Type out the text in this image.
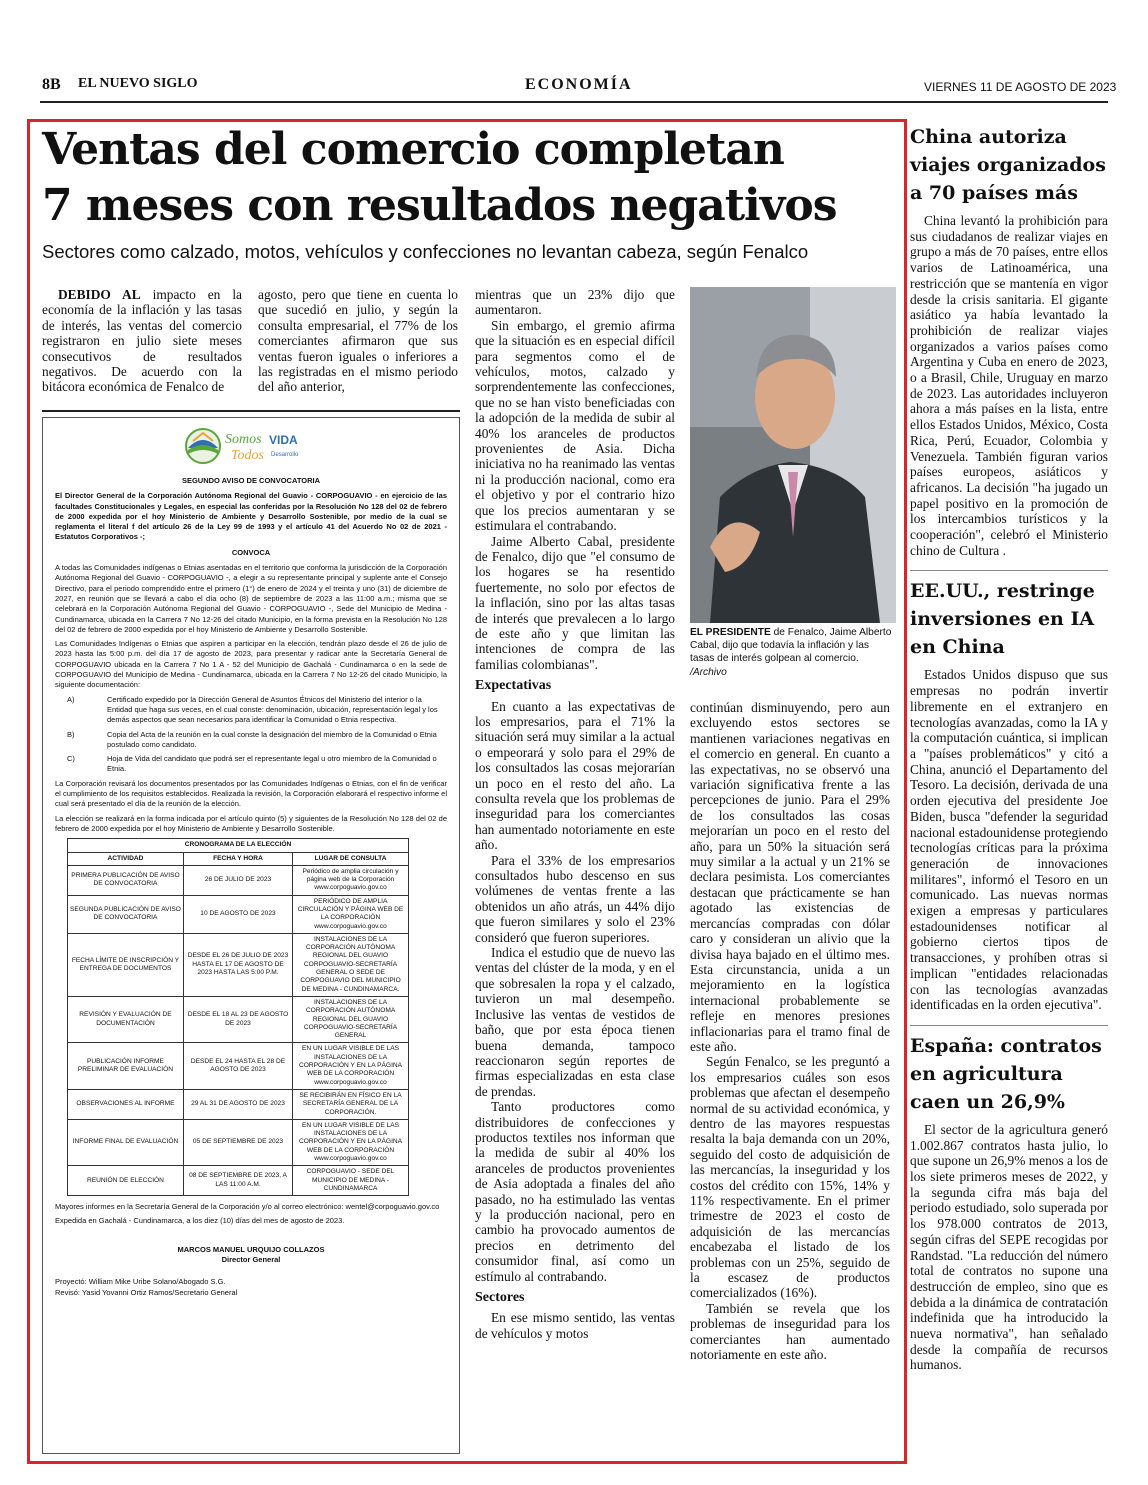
8B EL NUEVO SIGLO	ECONOMÍA	VIERNES 11 DE AGOSTO DE 2023
Ventas del comercio completan
7 meses con resultados negativos
Sectores como calzado, motos, vehículos y confecciones no levantan cabeza, según Fenalco

DEBIDO AL impacto en la economía de la inflación y las tasas de interés, las ventas del comercio registraron en julio siete meses consecutivos de resultados negativos. De acuerdo con la bitácora económica de Fenalco de

agosto, pero que tiene en cuenta lo que sucedió en julio, y según la consulta empresarial, el 77% de los comerciantes afirmaron que sus ventas fueron iguales o inferiores a las registradas en el mismo periodo del año anterior,

Somos
Todos
VIDA
Desarrollo
SEGUNDO AVISO DE CONVOCATORIA

El Director General de la Corporación Autónoma Regional del Guavio - CORPOGUAVIO - en ejercicio de las facultades Constitucionales y Legales, en especial las conferidas por la Resolución No 128 del 02 de febrero de 2000 expedida por el hoy Ministerio de Ambiente y Desarrollo Sostenible, por medio de la cual se reglamenta el literal f del artículo 26 de la Ley 99 de 1993 y el artículo 41 del Acuerdo No 02 de 2021 - Estatutos Corporativos -;

CONVOCA

A todas las Comunidades indígenas o Etnias asentadas en el territorio que conforma la jurisdicción de la Corporación Autónoma Regional del Guavio - CORPOGUAVIO -, a elegir a su representante principal y suplente ante el Consejo Directivo, para el periodo comprendido entre el primero (1°) de enero de 2024 y el treinta y uno (31) de diciembre de 2027, en reunión que se llevará a cabo el día ocho (8) de septiembre de 2023 a las 11:00 a.m.; misma que se celebrará en la Corporación Autónoma Regional del Guavio - CORPOGUAVIO -, Sede del Municipio de Medina - Cundinamarca, ubicada en la Carrera 7 No 12-26 del citado Municipio, en la forma prevista en la Resolución No 128 del 02 de febrero de 2000 expedida por el hoy Ministerio de Ambiente y Desarrollo Sostenible.

Las Comunidades Indígenas o Etnias que aspiren a participar en la elección, tendrán plazo desde el 26 de julio de 2023 hasta las 5:00 p.m. del día 17 de agosto de 2023, para presentar y radicar ante la Secretaría General de CORPOGUAVIO ubicada en la Carrera 7 No 1 A - 52 del Municipio de Gachalá - Cundinamarca o en la sede de CORPOGUAVIO del Municipio de Medina - Cundinamarca, ubicada en la Carrera 7 No 12-26 del citado Municipio, la siguiente documentación:

A)	Certificado expedido por la Dirección General de Asuntos Étnicos del Ministerio del interior o la Entidad que haga sus veces, en el cual conste: denominación, ubicación, representación legal y los demás aspectos que sean necesarios para identificar la Comunidad o Etnia respectiva.
B)	Copia del Acta de la reunión en la cual conste la designación del miembro de la Comunidad o Etnia postulado como candidato.
C)	Hoja de Vida del candidato que podrá ser el representante legal u otro miembro de la Comunidad o Etnia.

La Corporación revisará los documentos presentados por las Comunidades Indígenas o Etnias, con el fin de verificar el cumplimiento de los requisitos establecidos. Realizada la revisión, la Corporación elaborará el respectivo informe el cual será presentado el día de la reunión de la elección.

La elección se realizará en la forma indicada por el artículo quinto (5) y siguientes de la Resolución No 128 del 02 de febrero de 2000 expedida por el hoy Ministerio de Ambiente y Desarrollo Sostenible.

CRONOGRAMA DE LA ELECCIÓN		
ACTIVIDAD	FECHA Y HORA	LUGAR DE CONSULTA
PRIMERA PUBLICACIÓN DE AVISO DE CONVOCATORIA	26 DE JULIO DE 2023	Periódico de amplia circulación y página web de la Corporación www.corpoguavio.gov.co
SEGUNDA PUBLICACIÓN DE AVISO DE CONVOCATORIA	10 DE AGOSTO DE 2023	PERIÓDICO DE AMPLIA CIRCULACIÓN Y PÁGINA WEB DE LA CORPORACIÓN www.corpoguavio.gov.co
FECHA LÍMITE DE INSCRIPCIÓN Y ENTREGA DE DOCUMENTOS	DESDE EL 26 DE JULIO DE 2023 HASTA EL 17 DE AGOSTO DE 2023 HASTA LAS 5:00 P.M.	INSTALACIONES DE LA CORPORACIÓN AUTÓNOMA REGIONAL DEL GUAVIO CORPOGUAVIO-SECRETARÍA GENERAL O SEDE DE CORPOGUAVIO DEL MUNICIPIO DE MEDINA - CUNDINAMARCA.
REVISIÓN Y EVALUACIÓN DE DOCUMENTACIÓN	DESDE EL 18 AL 23 DE AGOSTO DE 2023	INSTALACIONES DE LA CORPORACIÓN AUTÓNOMA REGIONAL DEL GUAVIO CORPOGUAVIO-SECRETARÍA GENERAL
PUBLICACIÓN INFORME PRELIMINAR DE EVALUACIÓN	DESDE EL 24 HASTA EL 28 DE AGOSTO DE 2023	EN UN LUGAR VISIBLE DE LAS INSTALACIONES DE LA CORPORACIÓN Y EN LA PÁGINA WEB DE LA CORPORACIÓN www.corpoguavio.gov.co
OBSERVACIONES AL INFORME	29 AL 31 DE AGOSTO DE 2023	SE RECIBIRÁN EN FÍSICO EN LA SECRETARÍA GENERAL DE LA CORPORACIÓN.
INFORME FINAL DE EVALUACIÓN	05 DE SEPTIEMBRE DE 2023	EN UN LUGAR VISIBLE DE LAS INSTALACIONES DE LA CORPORACIÓN Y EN LA PÁGINA WEB DE LA CORPORACIÓN www.corpoguavio.gov.co
REUNIÓN DE ELECCIÓN	08 DE SEPTIEMBRE DE 2023, A LAS 11:00 A.M.	CORPOGUAVIO - SEDE DEL MUNICIPIO DE MEDINA - CUNDINAMARCA

Mayores informes en la Secretaría General de la Corporación y/o al correo electrónico: wentel@corpoguavio.gov.co

Expedida en Gachalá - Cundinamarca, a los diez (10) días del mes de agosto de 2023.

MARCOS MANUEL URQUIJO COLLAZOS
Director General
Proyectó: William Mike Uribe Solano/Abogado S.G.
Revisó: Yasid Yovanni Ortiz Ramos/Secretario General

mientras que un 23% dijo que aumentaron.

Sin embargo, el gremio afirma que la situación es en especial difícil para segmentos como el de vehículos, motos, calzado y sorprendentemente las confecciones, que no se han visto beneficiadas con la adopción de la medida de subir al 40% los aranceles de productos provenientes de Asia. Dicha iniciativa no ha reanimado las ventas ni la producción nacional, como era el objetivo y por el contrario hizo que los precios aumentaran y se estimulara el contrabando.

Jaime Alberto Cabal, presidente de Fenalco, dijo que "el consumo de los hogares se ha resentido fuertemente, no solo por efectos de la inflación, sino por las altas tasas de interés que prevalecen a lo largo de este año y que limitan las intenciones de compra de las familias colombianas".

Expectativas

En cuanto a las expectativas de los empresarios, para el 71% la situación será muy similar a la actual o empeorará y solo para el 29% de los consultados las cosas mejorarían un poco en el resto del año. La consulta revela que los problemas de inseguridad para los comerciantes han aumentado notoriamente en este año.

Para el 33% de los empresarios consultados hubo descenso en sus volúmenes de ventas frente a las obtenidos un año atrás, un 44% dijo que fueron similares y solo el 23% consideró que fueron superiores.

Indica el estudio que de nuevo las ventas del clúster de la moda, y en el que sobresalen la ropa y el calzado, tuvieron un mal desempeño. Inclusive las ventas de vestidos de baño, que por esta época tienen buena demanda, tampoco reaccionaron según reportes de firmas especializadas en esta clase de prendas.

Tanto productores como distribuidores de confecciones y productos textiles nos informan que la medida de subir al 40% los aranceles de productos provenientes de Asia adoptada a finales del año pasado, no ha estimulado las ventas y la producción nacional, pero en cambio ha provocado aumentos de precios en detrimento del consumidor final, así como un estímulo al contrabando.

Sectores

En ese mismo sentido, las ventas de vehículos y motos

EL PRESIDENTE de Fenalco, Jaime Alberto Cabal, dijo que todavía la inflación y las tasas de interés golpean al comercio. /Archivo

continúan disminuyendo, pero aun excluyendo estos sectores se mantienen variaciones negativas en el comercio en general. En cuanto a las expectativas, no se observó una variación significativa frente a las percepciones de junio. Para el 29% de los consultados las cosas mejorarían un poco en el resto del año, para un 50% la situación será muy similar a la actual y un 21% se declara pesimista. Los comerciantes destacan que prácticamente se han agotado las existencias de mercancías compradas con dólar caro y consideran un alivio que la divisa haya bajado en el último mes. Esta circunstancia, unida a un mejoramiento en la logística internacional probablemente se refleje en menores presiones inflacionarias para el tramo final de este año.

Según Fenalco, se les preguntó a los empresarios cuáles son esos problemas que afectan el desempeño normal de su actividad económica, y dentro de las mayores respuestas resalta la baja demanda con un 20%, seguido del costo de adquisición de las mercancías, la inseguridad y los costos del crédito con 15%, 14% y 11% respectivamente. En el primer trimestre de 2023 el costo de adquisición de las mercancías encabezaba el listado de los problemas con un 25%, seguido de la escasez de productos comercializados (16%).

También se revela que los problemas de inseguridad para los comerciantes han aumentado notoriamente en este año.

China autoriza viajes organizados a 70 países más

China levantó la prohibición para sus ciudadanos de realizar viajes en grupo a más de 70 países, entre ellos varios de Latinoamérica, una restricción que se mantenía en vigor desde la crisis sanitaria. El gigante asiático ya había levantado la prohibición de realizar viajes organizados a varios países como Argentina y Cuba en enero de 2023, o a Brasil, Chile, Uruguay en marzo de 2023. Las autoridades incluyeron ahora a más países en la lista, entre ellos Estados Unidos, México, Costa Rica, Perú, Ecuador, Colombia y Venezuela. También figuran varios países europeos, asiáticos y africanos. La decisión "ha jugado un papel positivo en la promoción de los intercambios turísticos y la cooperación", celebró el Ministerio chino de Cultura .

EE.UU., restringe inversiones en IA en China

Estados Unidos dispuso que sus empresas no podrán invertir libremente en el extranjero en tecnologías avanzadas, como la IA y la computación cuántica, si implican a "países problemáticos" y citó a China, anunció el Departamento del Tesoro. La decisión, derivada de una orden ejecutiva del presidente Joe Biden, busca "defender la seguridad nacional estadounidense protegiendo tecnologías críticas para la próxima generación de innovaciones militares", informó el Tesoro en un comunicado. Las nuevas normas exigen a empresas y particulares estadounidenses notificar al gobierno ciertos tipos de transacciones, y prohíben otras si implican "entidades relacionadas con las tecnologías avanzadas identificadas en la orden ejecutiva".

España: contratos en agricultura caen un 26,9%

El sector de la agricultura generó 1.002.867 contratos hasta julio, lo que supone un 26,9% menos a los de los siete primeros meses de 2022, y la segunda cifra más baja del periodo estudiado, solo superada por los 978.000 contratos de 2013, según cifras del SEPE recogidas por Randstad. "La reducción del número total de contratos no supone una destrucción de empleo, sino que es debida a la dinámica de contratación indefinida que ha introducido la nueva normativa", han señalado desde la compañía de recursos humanos.
